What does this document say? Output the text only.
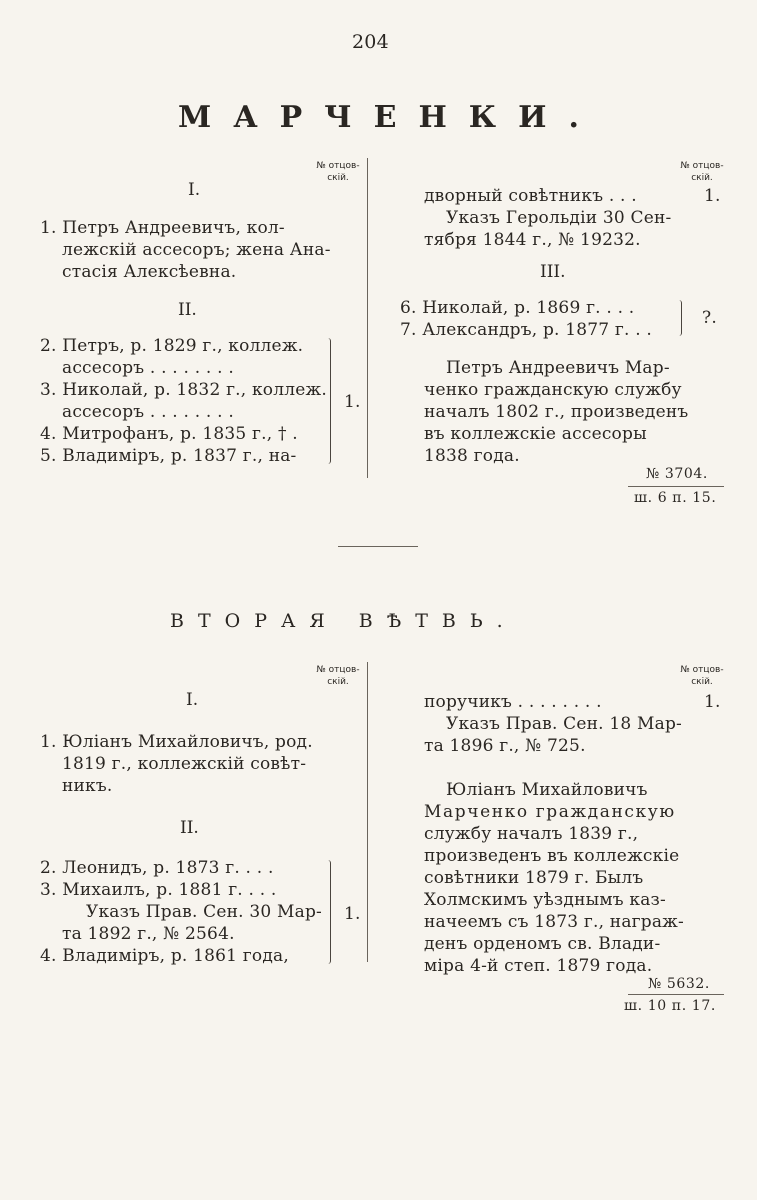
204
МАРЧЕНКИ.
№ отцов-
скій.
№ отцов-
скій.
I.
1. Петръ Андреевичъ, кол-
лежскій ассесоръ; жена Ана-
стасія Алексѣевна.
II.
2. Петръ, р. 1829 г., коллеж.
ассесоръ . . . . . . . .
3. Николай, р. 1832 г., коллеж.
ассесоръ . . . . . . . .
4. Митрофанъ, р. 1835 г., † .
5. Владиміръ, р. 1837 г., на-
1.
дворный совѣтникъ . . .	1.
Указъ Герольдіи 30 Сен-
тября 1844 г., № 19232.
III.
6. Николай, р. 1869 г. . . .
7. Александръ, р. 1877 г. . .
?.
Петръ Андреевичъ Мар-
ченко гражданскую службу
началъ 1802 г., произведенъ
въ коллежскіе ассесоры
1838 года.
№ 3704.
ш. 6 п. 15.
ВТОРАЯ ВѢТВЬ.
№ отцов-
скій.
№ отцов-
скій.
I.
1. Юліанъ Михайловичъ, род.
1819 г., коллежскій совѣт-
никъ.
II.
2. Леонидъ, р. 1873 г. . . .
3. Михаилъ, р. 1881 г. . . .
Указъ Прав. Сен. 30 Мар-
та 1892 г., № 2564.
4. Владиміръ, р. 1861 года,
1.
поручикъ . . . . . . . .	1.
Указъ Прав. Сен. 18 Мар-
та 1896 г., № 725.
Юліанъ Михайловичъ
Марченко гражданскую
службу началъ 1839 г.,
произведенъ въ коллежскіе
совѣтники 1879 г. Былъ
Холмскимъ уѣзднымъ каз-
начеемъ съ 1873 г., награж-
денъ орденомъ св. Влади-
міра 4-й степ. 1879 года.
№ 5632.
ш. 10 п. 17.
